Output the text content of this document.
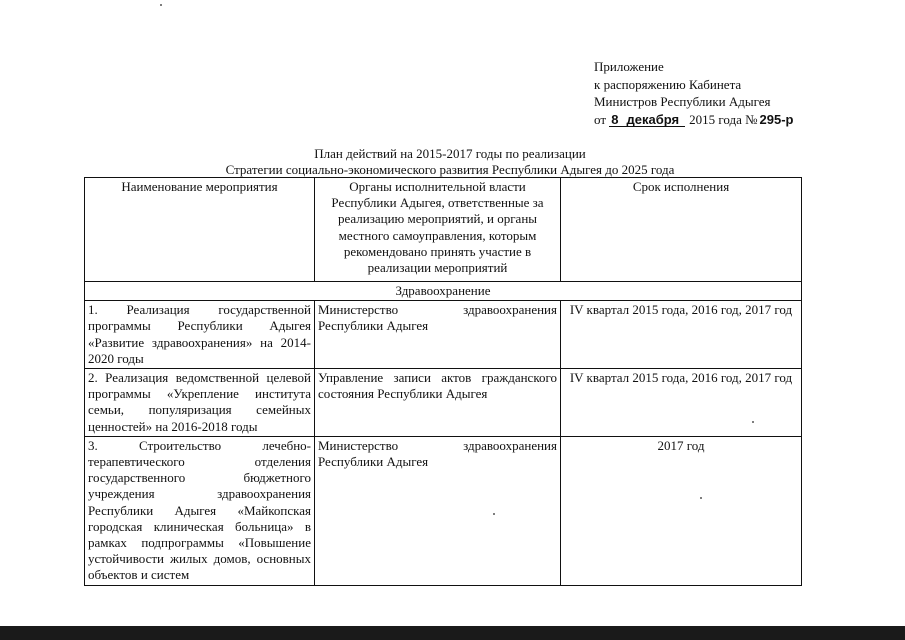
Приложение
к распоряжению Кабинета
Министров Республики Адыгея
от 8 декабря 2015 года № 295-р
План действий на 2015-2017 годы по реализации
Стратегии социально-экономического развития Республики Адыгея до 2025 года
Наименование мероприятия	Органы исполнительной власти Республики Адыгея, ответственные за реализацию мероприятий, и органы местного самоуправления, которым рекомендовано принять участие в реализации мероприятий	Срок исполнения
Здравоохранение		
1. Реализация государственной программы Республики Адыгея «Развитие здравоохранения» на 2014-2020 годы	Министерство здравоохранения Республики Адыгея	IV квартал 2015 года, 2016 год, 2017 год
2. Реализация ведомственной целевой программы «Укрепление института семьи, популяризация семейных ценностей» на 2016-2018 годы	Управление записи актов гражданского состояния Республики Адыгея	IV квартал 2015 года, 2016 год, 2017 год
3. Строительство лечебно-терапевтического отделения государственного бюджетного учреждения здравоохранения Республики Адыгея «Майкопская городская клиническая больница» в рамках подпрограммы «Повышение устойчивости жилых домов, основных объектов и систем	Министерство здравоохранения Республики Адыгея	2017 год
